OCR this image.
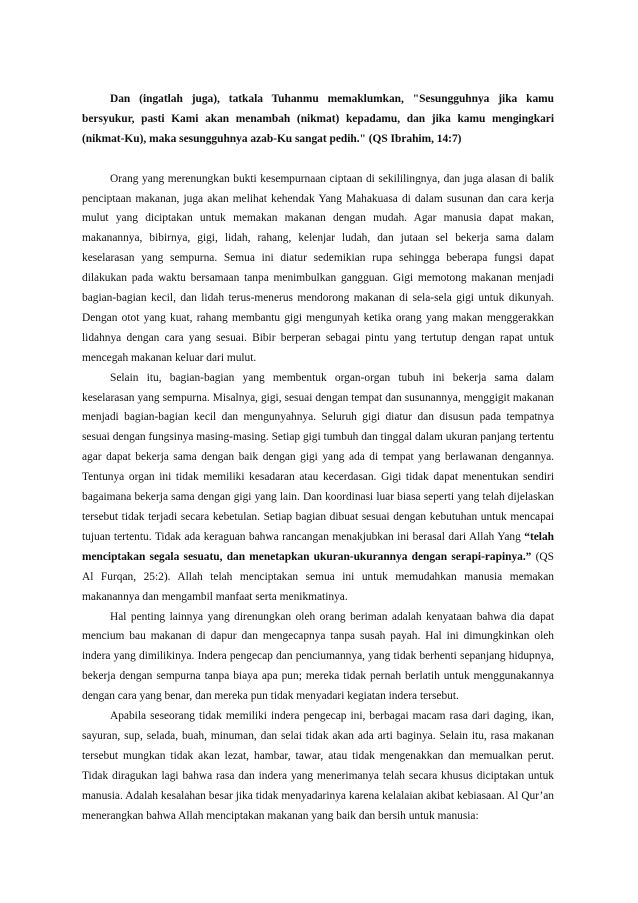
Dan (ingatlah juga), tatkala Tuhanmu memaklumkan, "Sesungguhnya jika kamu bersyukur, pasti Kami akan menambah (nikmat) kepadamu, dan jika kamu mengingkari (nikmat-Ku), maka sesungguhnya azab-Ku sangat pedih." (QS Ibrahim, 14:7)

Orang yang merenungkan bukti kesempurnaan ciptaan di sekililingnya, dan juga alasan di balik penciptaan makanan, juga akan melihat kehendak Yang Mahakuasa di dalam susunan dan cara kerja mulut yang diciptakan untuk memakan makanan dengan mudah. Agar manusia dapat makan, makanannya, bibirnya, gigi, lidah, rahang, kelenjar ludah, dan jutaan sel bekerja sama dalam keselarasan yang sempurna. Semua ini diatur sedemikian rupa sehingga beberapa fungsi dapat dilakukan pada waktu bersamaan tanpa menimbulkan gangguan. Gigi memotong makanan menjadi bagian-bagian kecil, dan lidah terus-menerus mendorong makanan di sela-sela gigi untuk dikunyah. Dengan otot yang kuat, rahang membantu gigi mengunyah ketika orang yang makan menggerakkan lidahnya dengan cara yang sesuai. Bibir berperan sebagai pintu yang tertutup dengan rapat untuk mencegah makanan keluar dari mulut.

Selain itu, bagian-bagian yang membentuk organ-organ tubuh ini bekerja sama dalam keselarasan yang sempurna. Misalnya, gigi, sesuai dengan tempat dan susunannya, menggigit makanan menjadi bagian-bagian kecil dan mengunyahnya. Seluruh gigi diatur dan disusun pada tempatnya sesuai dengan fungsinya masing-masing. Setiap gigi tumbuh dan tinggal dalam ukuran panjang tertentu agar dapat bekerja sama dengan baik dengan gigi yang ada di tempat yang berlawanan dengannya. Tentunya organ ini tidak memiliki kesadaran atau kecerdasan. Gigi tidak dapat menentukan sendiri bagaimana bekerja sama dengan gigi yang lain. Dan koordinasi luar biasa seperti yang telah dijelaskan tersebut tidak terjadi secara kebetulan. Setiap bagian dibuat sesuai dengan kebutuhan untuk mencapai tujuan tertentu. Tidak ada keraguan bahwa rancangan menakjubkan ini berasal dari Allah Yang “telah menciptakan segala sesuatu, dan menetapkan ukuran-ukurannya dengan serapi-rapinya.” (QS Al Furqan, 25:2). Allah telah menciptakan semua ini untuk memudahkan manusia memakan makanannya dan mengambil manfaat serta menikmatinya.

Hal penting lainnya yang direnungkan oleh orang beriman adalah kenyataan bahwa dia dapat mencium bau makanan di dapur dan mengecapnya tanpa susah payah. Hal ini dimungkinkan oleh indera yang dimilikinya. Indera pengecap dan penciumannya, yang tidak berhenti sepanjang hidupnya, bekerja dengan sempurna tanpa biaya apa pun; mereka tidak pernah berlatih untuk menggunakannya dengan cara yang benar, dan mereka pun tidak menyadari kegiatan indera tersebut.

Apabila seseorang tidak memiliki indera pengecap ini, berbagai macam rasa dari daging, ikan, sayuran, sup, selada, buah, minuman, dan selai tidak akan ada arti baginya. Selain itu, rasa makanan tersebut mungkan tidak akan lezat, hambar, tawar, atau tidak mengenakkan dan memualkan perut. Tidak diragukan lagi bahwa rasa dan indera yang menerimanya telah secara khusus diciptakan untuk manusia. Adalah kesalahan besar jika tidak menyadarinya karena kelalaian akibat kebiasaan. Al Qur’an menerangkan bahwa Allah menciptakan makanan yang baik dan bersih untuk manusia:
